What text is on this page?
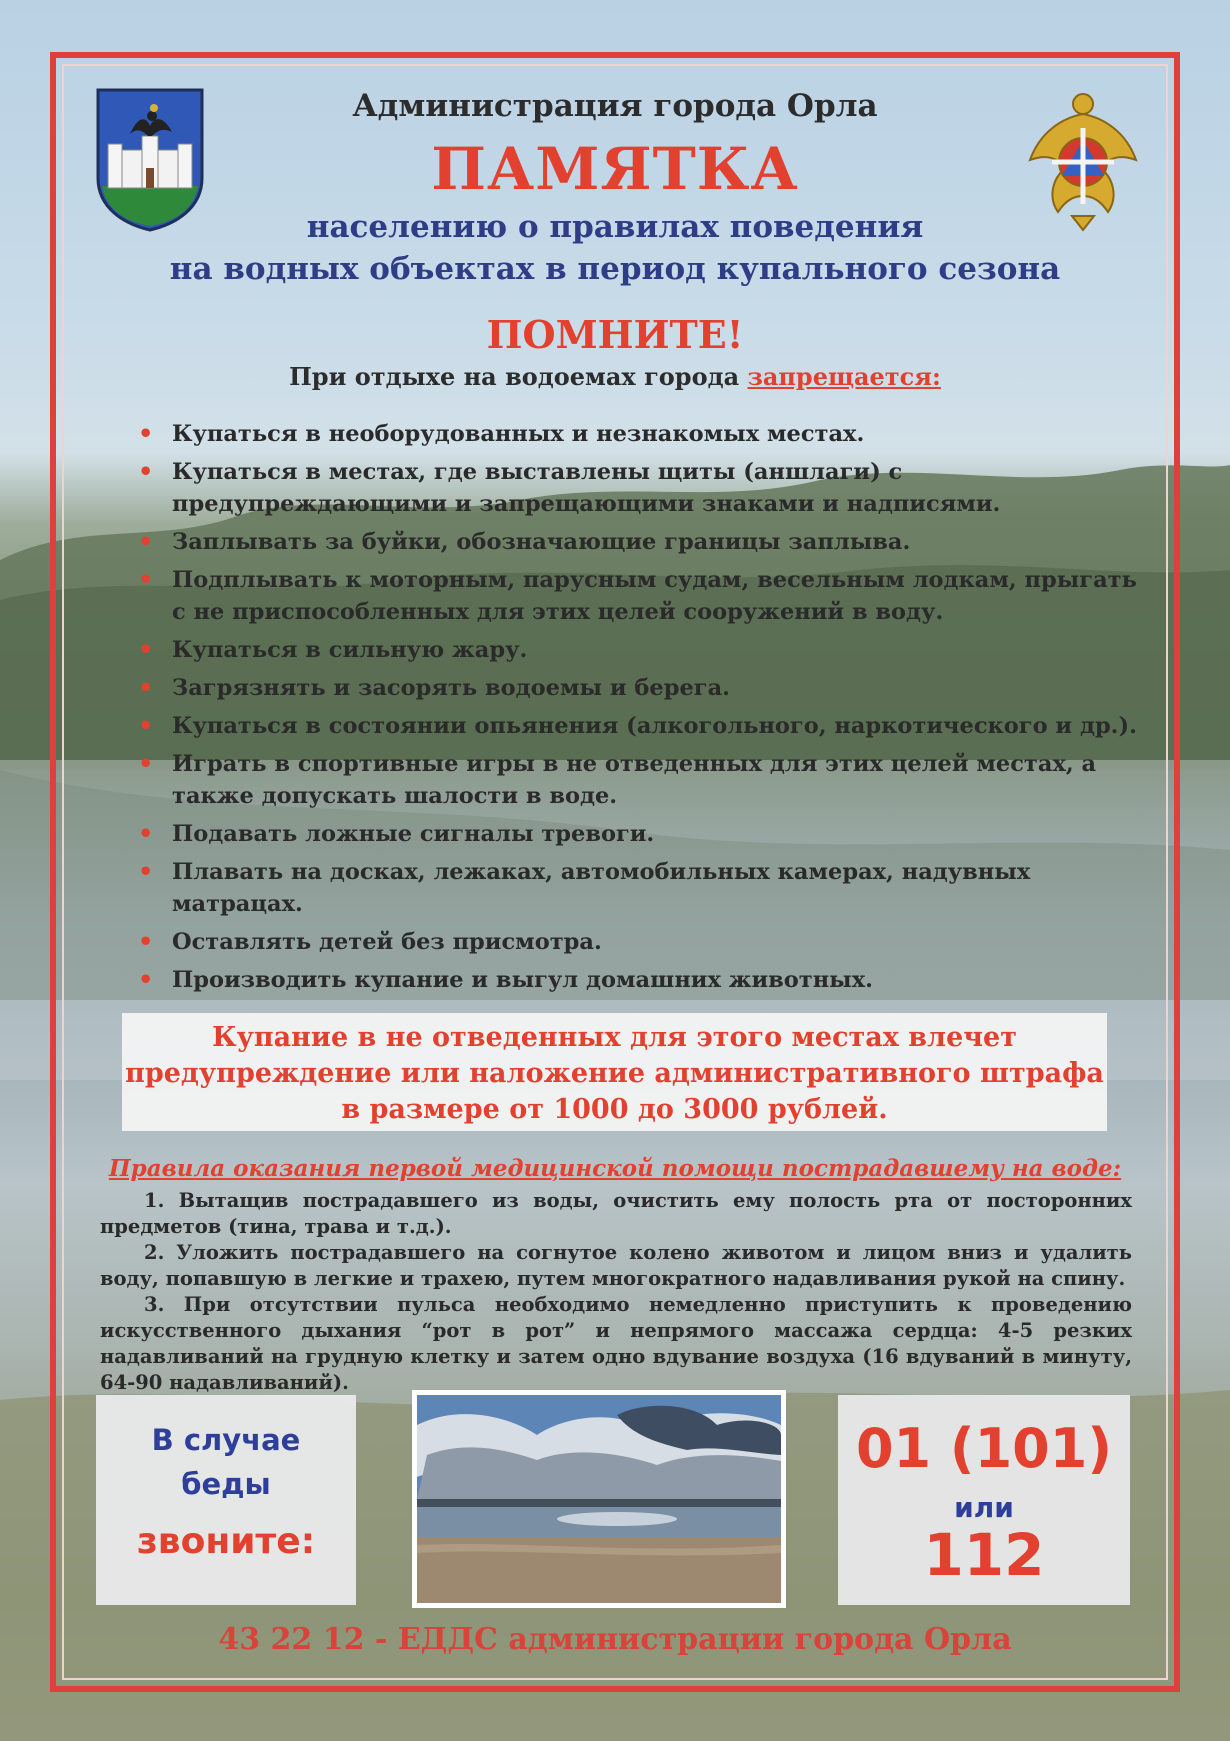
Администрация города Орла
ПАМЯТКА
населению о правилах поведения
на водных объектах в период купального сезона
ПОМНИТЕ!
При отдыхе на водоемах города запрещается:
• Купаться в необорудованных и незнакомых местах.
• Купаться в местах, где выставлены щиты (аншлаги) с предупреждающими и запрещающими знаками и надписями.
• Заплывать за буйки, обозначающие границы заплыва.
• Подплывать к моторным, парусным судам, весельным лодкам, прыгать с не приспособленных для этих целей сооружений в воду.
• Купаться в сильную жару.
• Загрязнять и засорять водоемы и берега.
• Купаться в состоянии опьянения (алкогольного, наркотического и др.).
• Играть в спортивные игры в не отведенных для этих целей местах, а также допускать шалости в воде.
• Подавать ложные сигналы тревоги.
• Плавать на досках, лежаках, автомобильных камерах, надувных матрацах.
• Оставлять детей без присмотра.
• Производить купание и выгул домашних животных.
Купание в не отведенных для этого местах влечет
предупреждение или наложение административного штрафа
в размере от 1000 до 3000 рублей.
Правила оказания первой медицинской помощи пострадавшему на воде:

1. Вытащив пострадавшего из воды, очистить ему полость рта от посторонних предметов (тина, трава и т.д.).

2. Уложить пострадавшего на согнутое колено животом и лицом вниз и удалить воду, попавшую в легкие и трахею, путем многократного надавливания рукой на спину.

3. При отсутствии пульса необходимо немедленно приступить к проведению искусственного дыхания “рот в рот” и непрямого массажа сердца: 4-5 резких надавливаний на грудную клетку и затем одно вдувание воздуха (16 вдуваний в минуту, 64-90 надавливаний).

В случае
беды
звоните:
01 (101)
или
112
43 22 12 - ЕДДС администрации города Орла
